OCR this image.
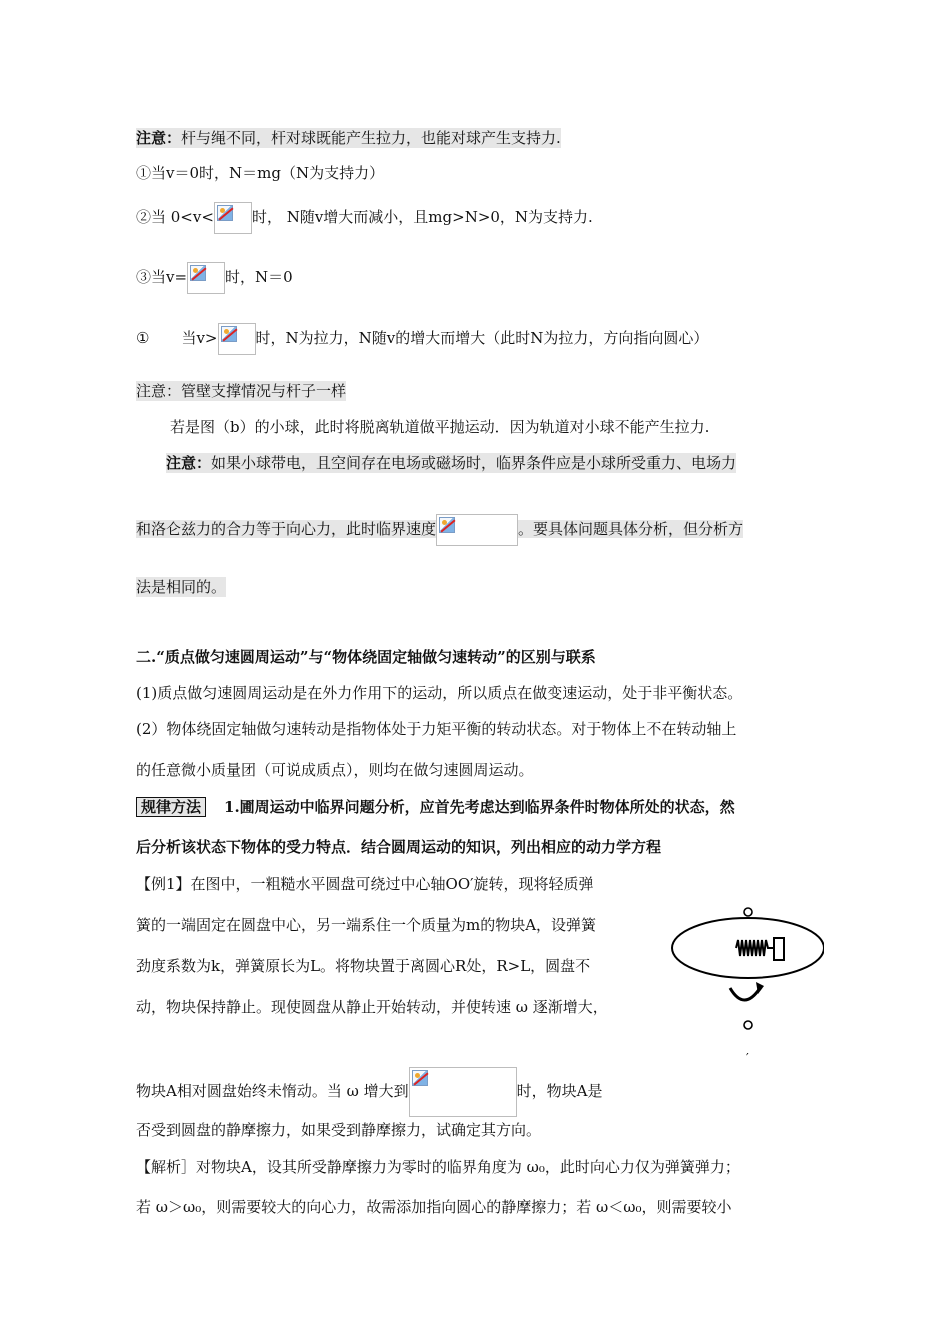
注意：杆与绳不同，杆对球既能产生拉力，也能对球产生支持力.
①当v＝0时，N＝mg（N为支持力）
②当 0<v<	时， N随v增大而减小，且mg>N>0，N为支持力.
③当v=	时，N＝0
① 当v>	时，N为拉力，N随v的增大而增大（此时N为拉力，方向指向圆心）
注意：管壁支撑情况与杆子一样
若是图（b）的小球，此时将脱离轨道做平抛运动．因为轨道对小球不能产生拉力.
注意：如果小球带电，且空间存在电场或磁场时，临界条件应是小球所受重力、电场力
和洛仑兹力的合力等于向心力，此时临界速度	。要具体问题具体分析，但分析方
法是相同的。
二.“质点做匀速圆周运动”与“物体绕固定轴做匀速转动”的区别与联系
(1)质点做匀速圆周运动是在外力作用下的运动，所以质点在做变速运动，处于非平衡状态。
(2）物体绕固定轴做匀速转动是指物体处于力矩平衡的转动状态。对于物体上不在转动轴上
的任意微小质量团（可说成质点），则均在做匀速圆周运动。
规律方法 1.圃周运动中临界问题分析，应首先考虑达到临界条件时物体所处的状态，然
后分析该状态下物体的受力特点．结合圆周运动的知识，列出相应的动力学方程
【例1】在图中，一粗糙水平圆盘可绕过中心轴OO′旋转，现将轻质弹
簧的一端固定在圆盘中心，另一端系住一个质量为m的物块A，设弹簧
劲度系数为k，弹簧原长为L。将物块置于离圆心R处，R>L，圆盘不
动，物块保持静止。现使圆盘从静止开始转动，并使转速 ω 逐渐增大，
物块A相对圆盘始终未惰动。当 ω 增大到	时，物块A是
否受到圆盘的静摩擦力，如果受到静摩擦力，试确定其方向。
【解析］对物块A，设其所受静摩擦力为零时的临界角度为 ω₀，此时向心力仅为弹簧弹力；
若 ω＞ω₀，则需要较大的向心力，故需添加指向圆心的静摩擦力；若 ω＜ω₀，则需要较小
′
